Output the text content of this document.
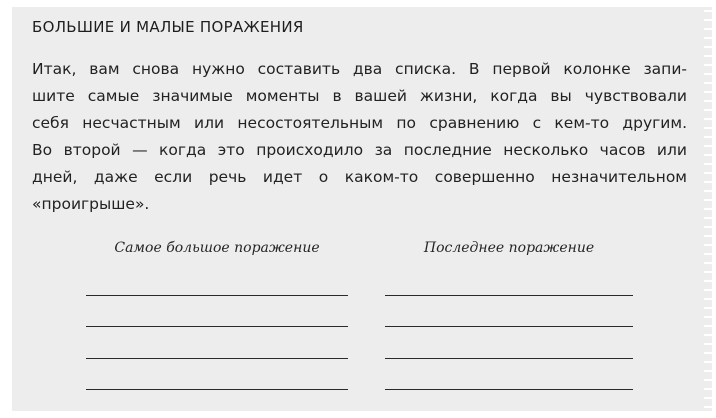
БОЛЬШИЕ И МАЛЫЕ ПОРАЖЕНИЯ
Итак, вам снова нужно составить два списка. В первой колонке запи-
шите самые значимые моменты в вашей жизни, когда вы чувствовали
себя несчастным или несостоятельным по сравнению с кем-то другим.
Во второй — когда это происходило за последние несколько часов или
дней, даже если речь идет о каком-то совершенно незначительном
«проигрыше».
Самое большое поражение	Последнее поражение
